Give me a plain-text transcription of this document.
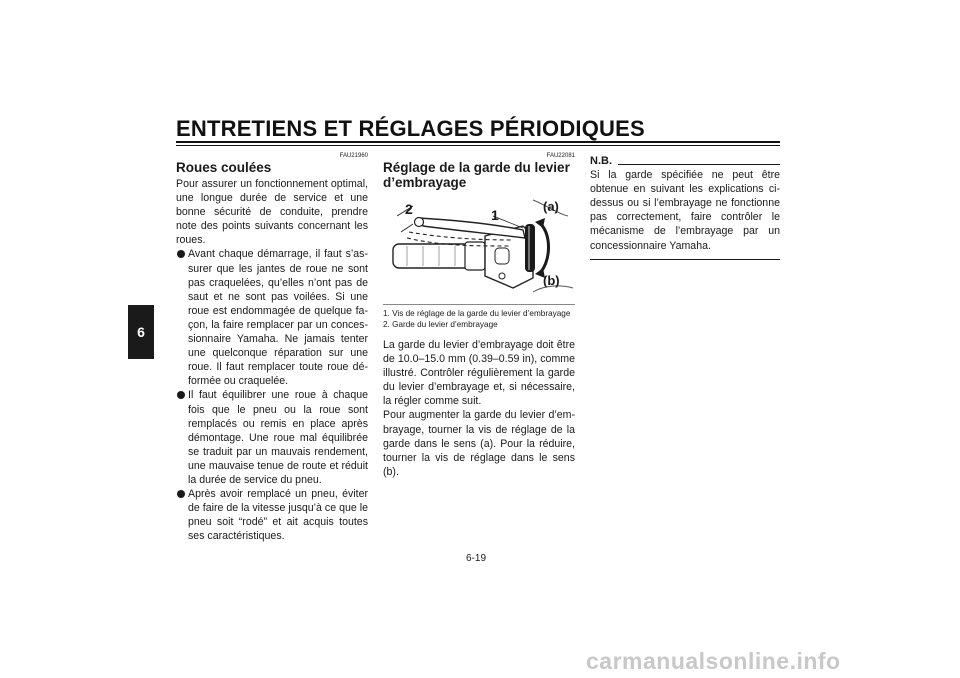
ENTRETIENS ET RÉGLAGES PÉRIODIQUES
6
FAU21960
Roues coulées

Pour assurer un fonctionnement optimal, une longue durée de service et une bonne sécurité de conduite, prendre note des points suivants concernant les roues.

Avant chaque démarrage, il faut s’assurer que les jantes de roue ne sont pas craquelées, qu’elles n’ont pas de saut et ne sont pas voilées. Si une roue est endommagée de quelque façon, la faire remplacer par un concessionnaire Yamaha. Ne jamais tenter une quelconque réparation sur une roue. Il faut remplacer toute roue déformée ou craquelée.
Il faut équilibrer une roue à chaque fois que le pneu ou la roue sont remplacés ou remis en place après démontage. Une roue mal équilibrée se traduit par un mauvais rendement, une mauvaise tenue de route et réduit la durée de service du pneu.
Après avoir remplacé un pneu, éviter de faire de la vitesse jusqu’à ce que le pneu soit “rodé” et ait acquis toutes ses caractéristiques.
FAU22081
Réglage de la garde du levier d’embrayage
2	1
(a)
(b)
1. Vis de réglage de la garde du levier d’embrayage
2. Garde du levier d’embrayage

La garde du levier d’embrayage doit être de 10.0–15.0 mm (0.39–0.59 in), comme illustré. Contrôler régulièrement la garde du levier d’embrayage et, si nécessaire, la régler comme suit.

Pour augmenter la garde du levier d’embrayage, tourner la vis de réglage de la garde dans le sens (a). Pour la réduire, tourner la vis de réglage dans le sens (b).

N.B.

Si la garde spécifiée ne peut être obtenue en suivant les explications ci-dessus ou si l’embrayage ne fonctionne pas correctement, faire contrôler le mécanisme de l’embrayage par un concessionnaire Yamaha.

6-19
carmanualsonline.info
